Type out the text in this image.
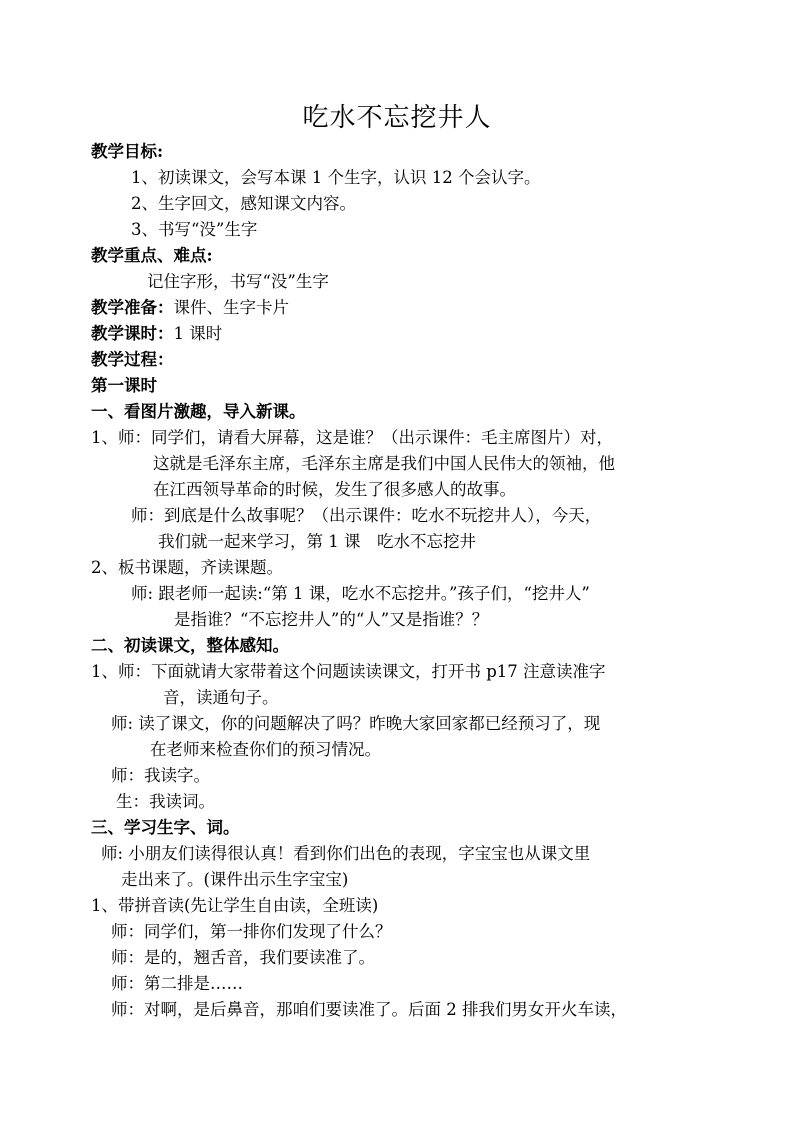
吃水不忘挖井人
教学目标:
1、初读课文，会写本课 1 个生字，认识 12 个会认字。
2、生字回文，感知课文内容。
3、书写“没”生字
教学重点、难点:
记住字形，书写“没”生字
教学准备：课件、生字卡片
教学课时：1 课时
教学过程：
第一课时
一、看图片激趣，导入新课。
1、师：同学们，请看大屏幕，这是谁？（出示课件：毛主席图片）对，
这就是毛泽东主席，毛泽东主席是我们中国人民伟大的领袖，他
在江西领导革命的时候，发生了很多感人的故事。
师：到底是什么故事呢？（出示课件：吃水不玩挖井人），今天，
我们就一起来学习，第 1 课　吃水不忘挖井
2、板书课题，齐读课题。
师: 跟老师一起读:“第 1 课，吃水不忘挖井。”孩子们，“挖井人”
是指谁？“不忘挖井人”的“人”又是指谁？？
二、初读课文，整体感知。
1、师：下面就请大家带着这个问题读读课文，打开书 p17 注意读准字
音，读通句子。
师: 读了课文，你的问题解决了吗？昨晚大家回家都已经预习了，现
在老师来检查你们的预习情况。
师：我读字。
生：我读词。
三、学习生字、词。
师: 小朋友们读得很认真！看到你们出色的表现，字宝宝也从课文里
走出来了。(课件出示生字宝宝)
1、带拼音读(先让学生自由读，全班读)
师：同学们，第一排你们发现了什么？
师：是的，翘舌音，我们要读准了。
师：第二排是……
师：对啊，是后鼻音，那咱们要读准了。后面 2 排我们男女开火车读，
